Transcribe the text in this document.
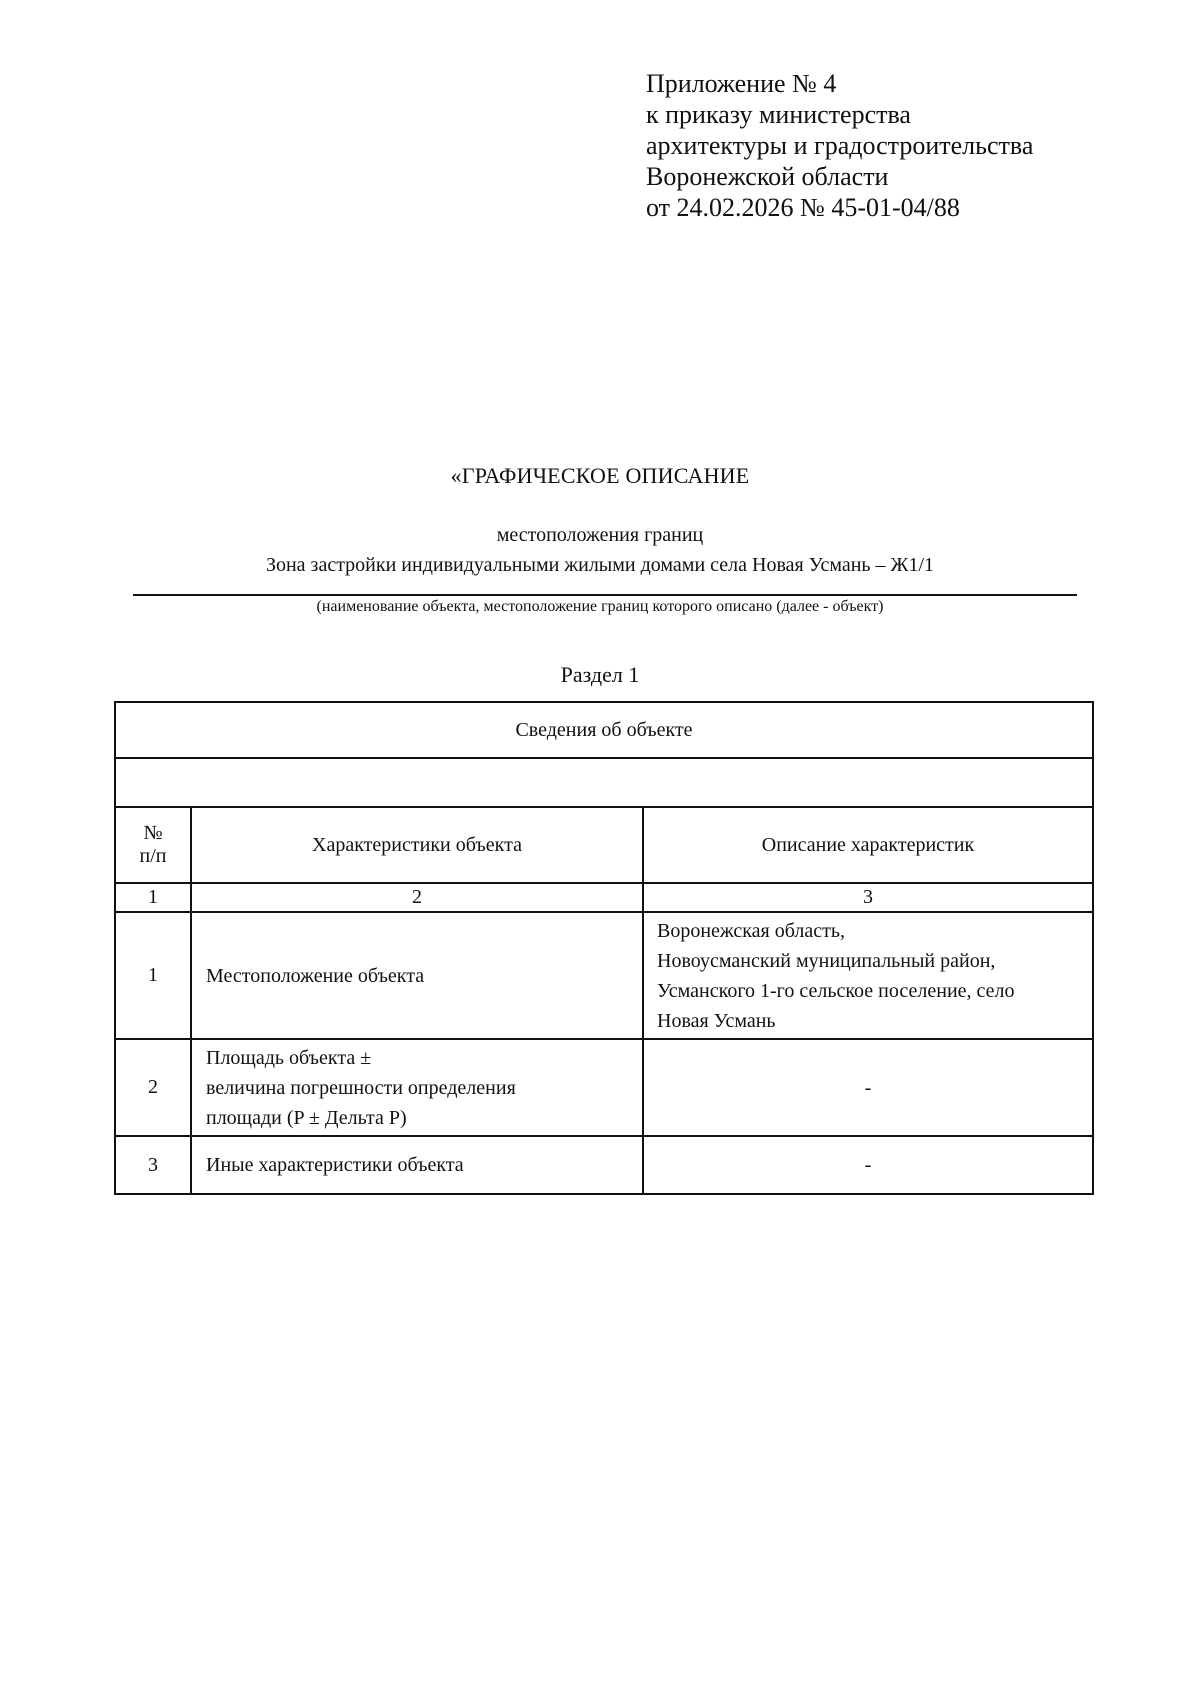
Приложение № 4
к приказу министерства
архитектуры и градостроительства
Воронежской области
от 24.02.2026 № 45-01-04/88
«ГРАФИЧЕСКОЕ ОПИСАНИЕ
местоположения границ
Зона застройки индивидуальными жилыми домами села Новая Усмань – Ж1/1
(наименование объекта, местоположение границ которого описано (далее - объект)
Раздел 1
Сведения об объекте		

№
п/п	Характеристики объекта	Описание характеристик
1	2	3
1	Местоположение объекта	Воронежская область,
Новоусманский муниципальный район,
Усманского 1-го сельское поселение, село
Новая Усмань

2	Площадь объекта ±
величина погрешности определения
площади (P ± Дельта P)	-
3	Иные характеристики объекта	-
